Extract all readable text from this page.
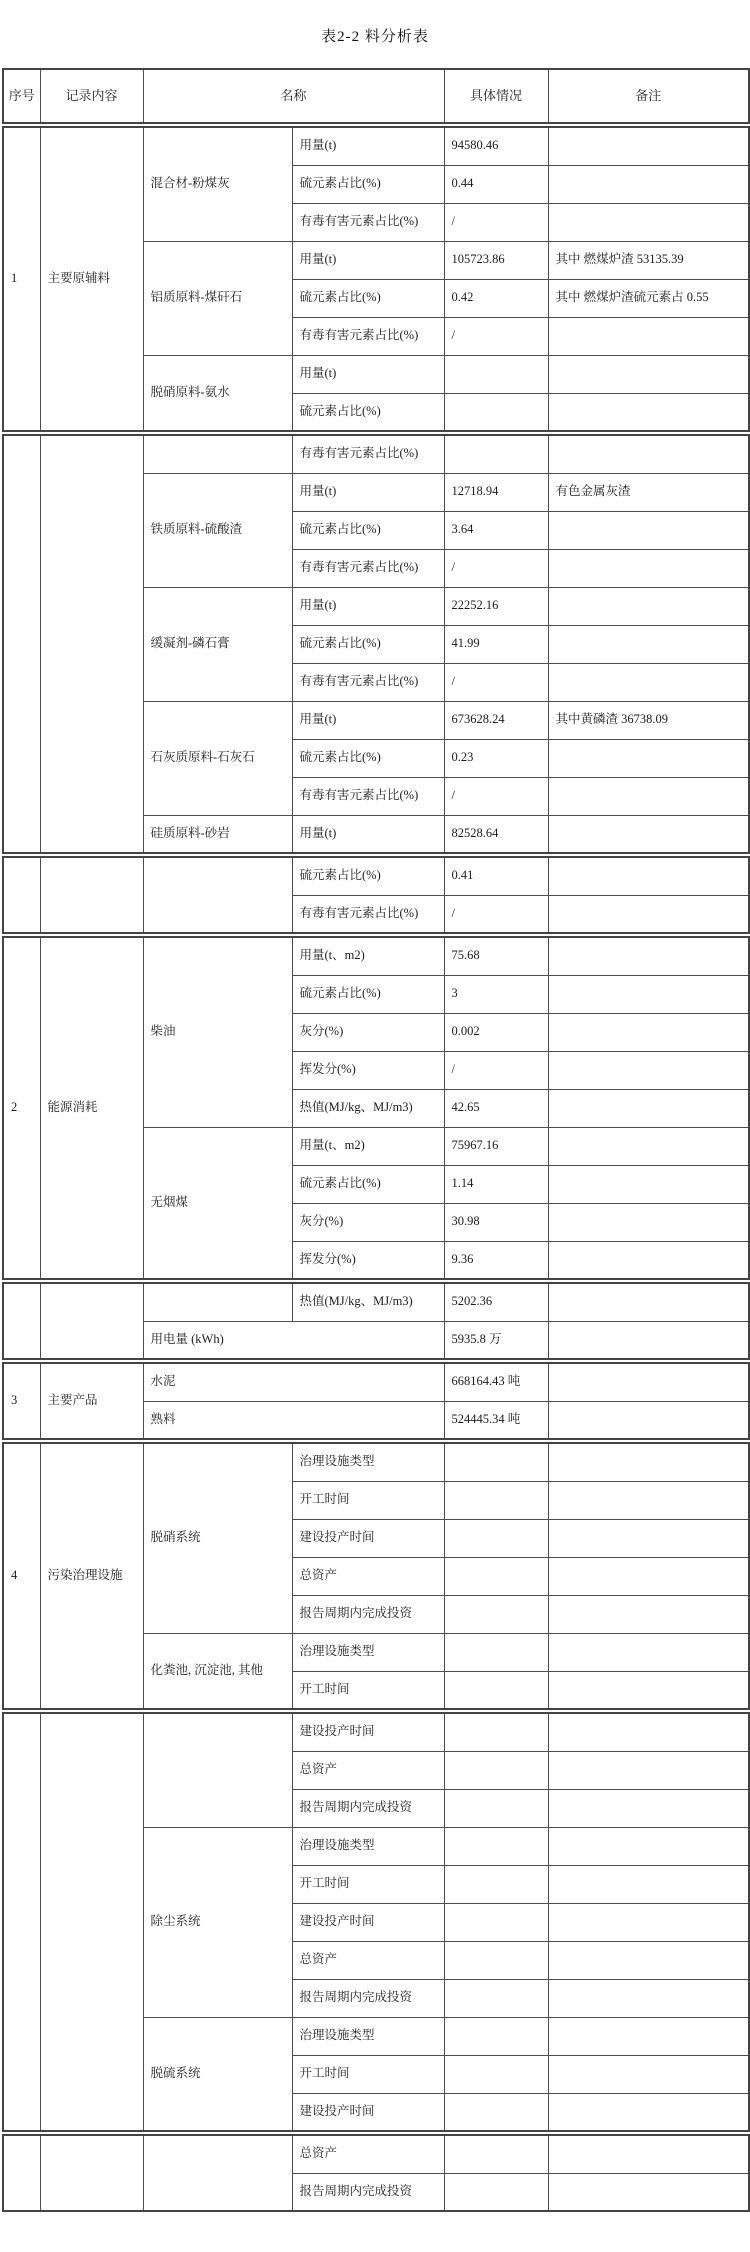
表2-2 料分析表
序号	记录内容	名称	具体情况	备注
1	主要原辅料	混合材-粉煤灰	用量(t)	94580.46	
			硫元素占比(%)	0.44	
			有毒有害元素占比(%)	/	
		铝质原料-煤矸石	用量(t)	105723.86	其中 燃煤炉渣 53135.39
			硫元素占比(%)	0.42	其中 燃煤炉渣硫元素占 0.55
			有毒有害元素占比(%)	/	
		脱硝原料-氨水	用量(t)		
			硫元素占比(%)		
			有毒有害元素占比(%)		
		铁质原料-硫酸渣	用量(t)	12718.94	有色金属灰渣
			硫元素占比(%)	3.64	
			有毒有害元素占比(%)	/	
		缓凝剂-磷石膏	用量(t)	22252.16	
			硫元素占比(%)	41.99	
			有毒有害元素占比(%)	/	
		石灰质原料-石灰石	用量(t)	673628.24	其中黄磷渣 36738.09
			硫元素占比(%)	0.23	
			有毒有害元素占比(%)	/	
		硅质原料-砂岩	用量(t)	82528.64	
			硫元素占比(%)	0.41	
			有毒有害元素占比(%)	/	
2	能源消耗	柴油	用量(t、m2)	75.68	
			硫元素占比(%)	3	
			灰分(%)	0.002	
			挥发分(%)	/	
			热值(MJ/kg、MJ/m3)	42.65	
		无烟煤	用量(t、m2)	75967.16	
			硫元素占比(%)	1.14	
			灰分(%)	30.98	
			挥发分(%)	9.36	
			热值(MJ/kg、MJ/m3)	5202.36	
		用电量 (kWh)		5935.8 万	
3	主要产品	水泥	668164.43 吨	
		熟料	524445.34 吨	
4	污染治理设施	脱硝系统	治理设施类型		
			开工时间		
			建设投产时间		
			总资产		
			报告周期内完成投资		
		化粪池, 沉淀池, 其他	治理设施类型		
			开工时间		
			建设投产时间		
			总资产		
			报告周期内完成投资		
		除尘系统	治理设施类型		
			开工时间		
			建设投产时间		
			总资产		
			报告周期内完成投资		
		脱硫系统	治理设施类型		
			开工时间		
			建设投产时间		
			总资产		
			报告周期内完成投资		
